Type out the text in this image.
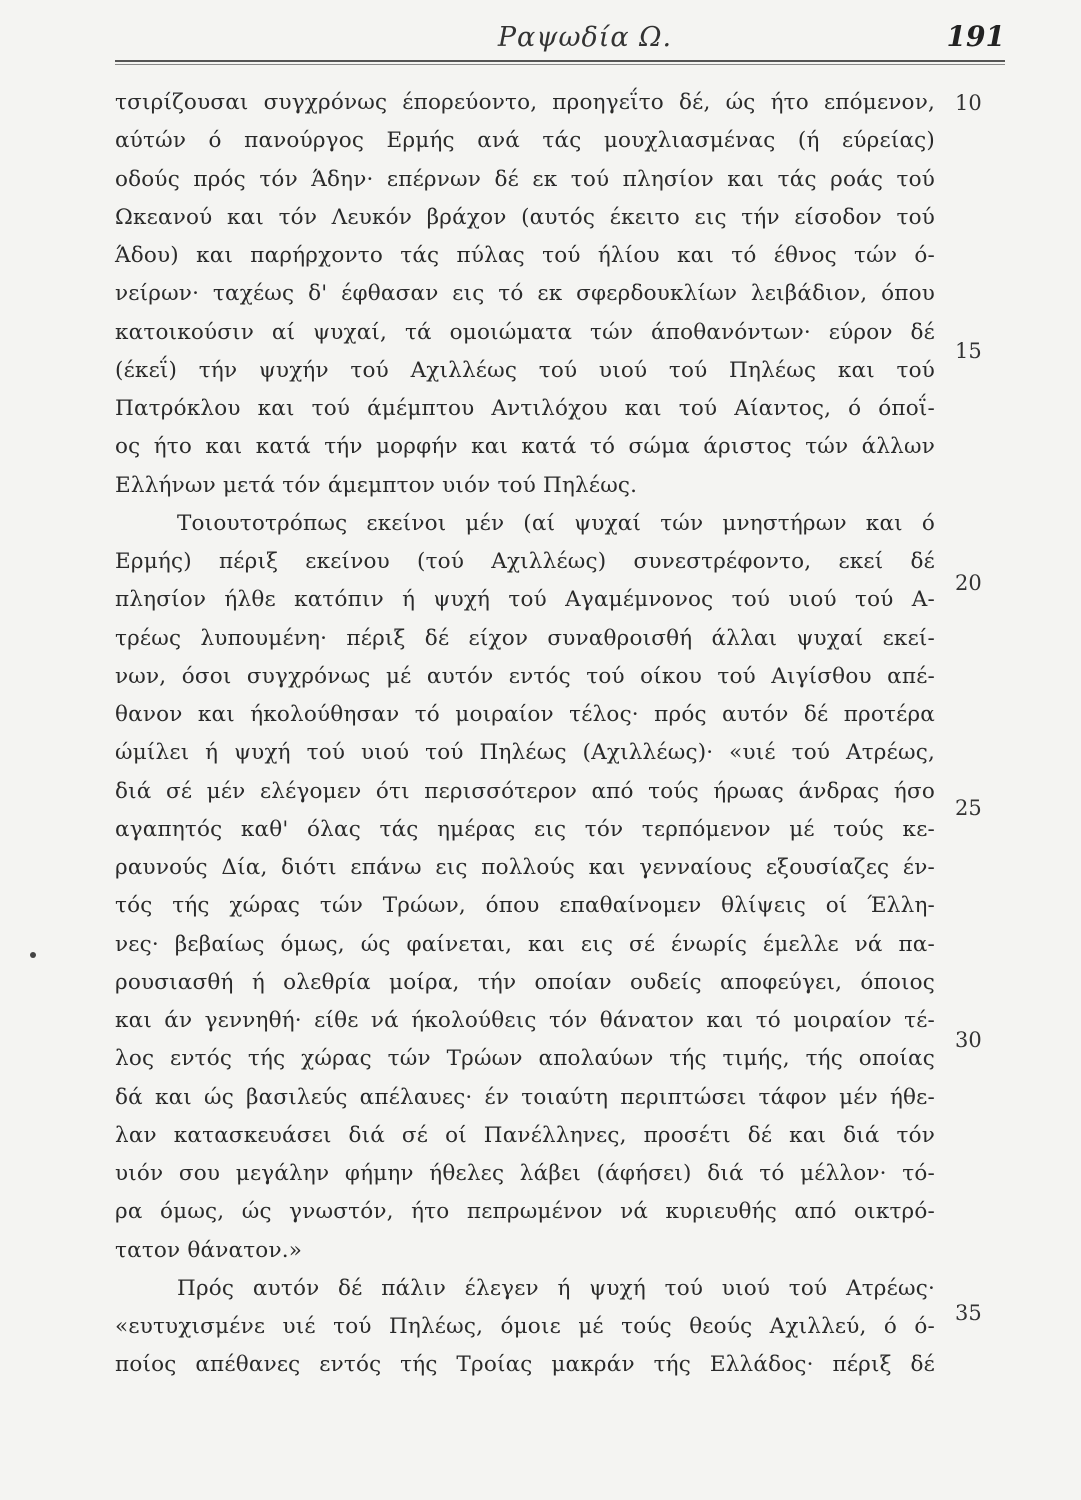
Ραψωδία Ω.	191
τσιρίζουσαι συγχρόνως έπορεύοντο, προηγεΐτο δέ, ώς ήτο επόμενον,
αύτών ό πανούργος Ερμής ανά τάς μουχλιασμένας (ή εύρείας)
οδούς πρός τόν Άδην· επέρνων δέ εκ τού πλησίον και τάς ροάς τού
Ωκεανού και τόν Λευκόν βράχον (αυτός έκειτο εις τήν είσοδον τού
Άδου) και παρήρχοντο τάς πύλας τού ήλίου και τό έθνος τών ό-
νείρων· ταχέως δ' έφθασαν εις τό εκ σφερδουκλίων λειβάδιον, όπου
κατοικούσιν αί ψυχαί, τά ομοιώματα τών άποθανόντων· εύρον δέ
(έκεΐ) τήν ψυχήν τού Αχιλλέως τού υιού τού Πηλέως και τού
Πατρόκλου και τού άμέμπτου Αντιλόχου και τού Αίαντος, ό όποΐ-
ος ήτο και κατά τήν μορφήν και κατά τό σώμα άριστος τών άλλων
Ελλήνων μετά τόν άμεμπτον υιόν τού Πηλέως.
Τοιουτοτρόπως εκείνοι μέν (αί ψυχαί τών μνηστήρων και ό
Ερμής) πέριξ εκείνου (τού Αχιλλέως) συνεστρέφοντο, εκεί δέ
πλησίον ήλθε κατόπιν ή ψυχή τού Αγαμέμνονος τού υιού τού Α-
τρέως λυπουμένη· πέριξ δέ είχον συναθροισθή άλλαι ψυχαί εκεί-
νων, όσοι συγχρόνως μέ αυτόν εντός τού οίκου τού Αιγίσθου απέ-
θανον και ήκολούθησαν τό μοιραίον τέλος· πρός αυτόν δέ προτέρα
ώμίλει ή ψυχή τού υιού τού Πηλέως (Αχιλλέως)· «υιέ τού Ατρέως,
διά σέ μέν ελέγομεν ότι περισσότερον από τούς ήρωας άνδρας ήσο
αγαπητός καθ' όλας τάς ημέρας εις τόν τερπόμενον μέ τούς κε-
ραυνούς Δία, διότι επάνω εις πολλούς και γενναίους εξουσίαζες έν-
τός τής χώρας τών Τρώων, όπου επαθαίνομεν θλίψεις οί Έλλη-
νες· βεβαίως όμως, ώς φαίνεται, και εις σέ ένωρίς έμελλε νά πα-
ρουσιασθή ή ολεθρία μοίρα, τήν οποίαν ουδείς αποφεύγει, όποιος
και άν γεννηθή· είθε νά ήκολούθεις τόν θάνατον και τό μοιραίον τέ-
λος εντός τής χώρας τών Τρώων απολαύων τής τιμής, τής οποίας
δά και ώς βασιλεύς απέλαυες· έν τοιαύτη περιπτώσει τάφον μέν ήθε-
λαν κατασκευάσει διά σέ οί Πανέλληνες, προσέτι δέ και διά τόν
υιόν σου μεγάλην φήμην ήθελες λάβει (άφήσει) διά τό μέλλον· τό-
ρα όμως, ώς γνωστόν, ήτο πεπρωμένον νά κυριευθής από οικτρό-
τατον θάνατον.»
Πρός αυτόν δέ πάλιν έλεγεν ή ψυχή τού υιού τού Ατρέως·
«ευτυχισμένε υιέ τού Πηλέως, όμοιε μέ τούς θεούς Αχιλλεύ, ό ό-
ποίος απέθανες εντός τής Τροίας μακράν τής Ελλάδος· πέριξ δέ
10
15
20
25
30
35
